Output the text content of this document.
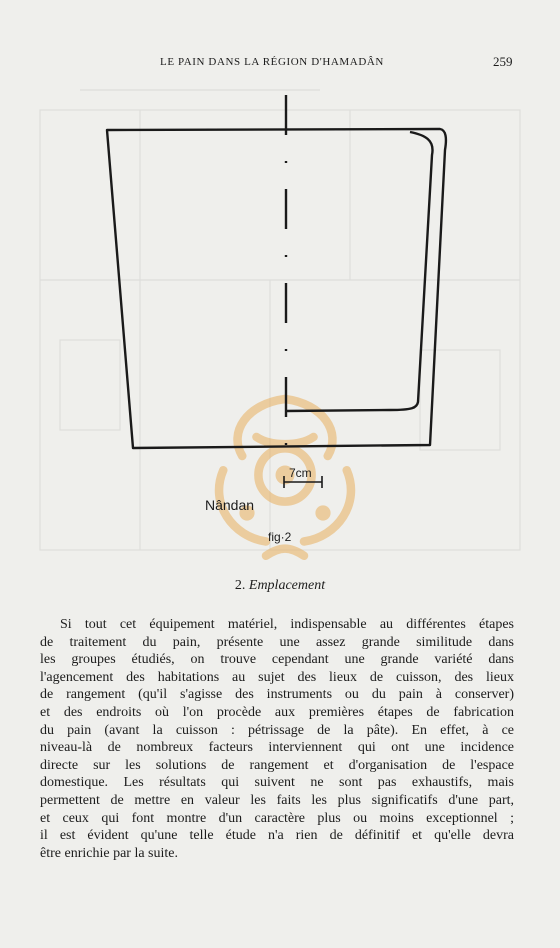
LE PAIN DANS LA RÉGION D'HAMADÂN	259
7cm
Nândan
fig·2
2. Emplacement
Si tout cet équipement matériel, indispensable au différentes étapes
de traitement du pain, présente une assez grande similitude dans
les groupes étudiés, on trouve cependant une grande variété dans
l'agencement des habitations au sujet des lieux de cuisson, des lieux
de rangement (qu'il s'agisse des instruments ou du pain à conserver)
et des endroits où l'on procède aux premières étapes de fabrication
du pain (avant la cuisson : pétrissage de la pâte). En effet, à ce
niveau-là de nombreux facteurs interviennent qui ont une incidence
directe sur les solutions de rangement et d'organisation de l'espace
domestique. Les résultats qui suivent ne sont pas exhaustifs, mais
permettent de mettre en valeur les faits les plus significatifs d'une part,
et ceux qui font montre d'un caractère plus ou moins exceptionnel ;
il est évident qu'une telle étude n'a rien de définitif et qu'elle devra
être enrichie par la suite.
